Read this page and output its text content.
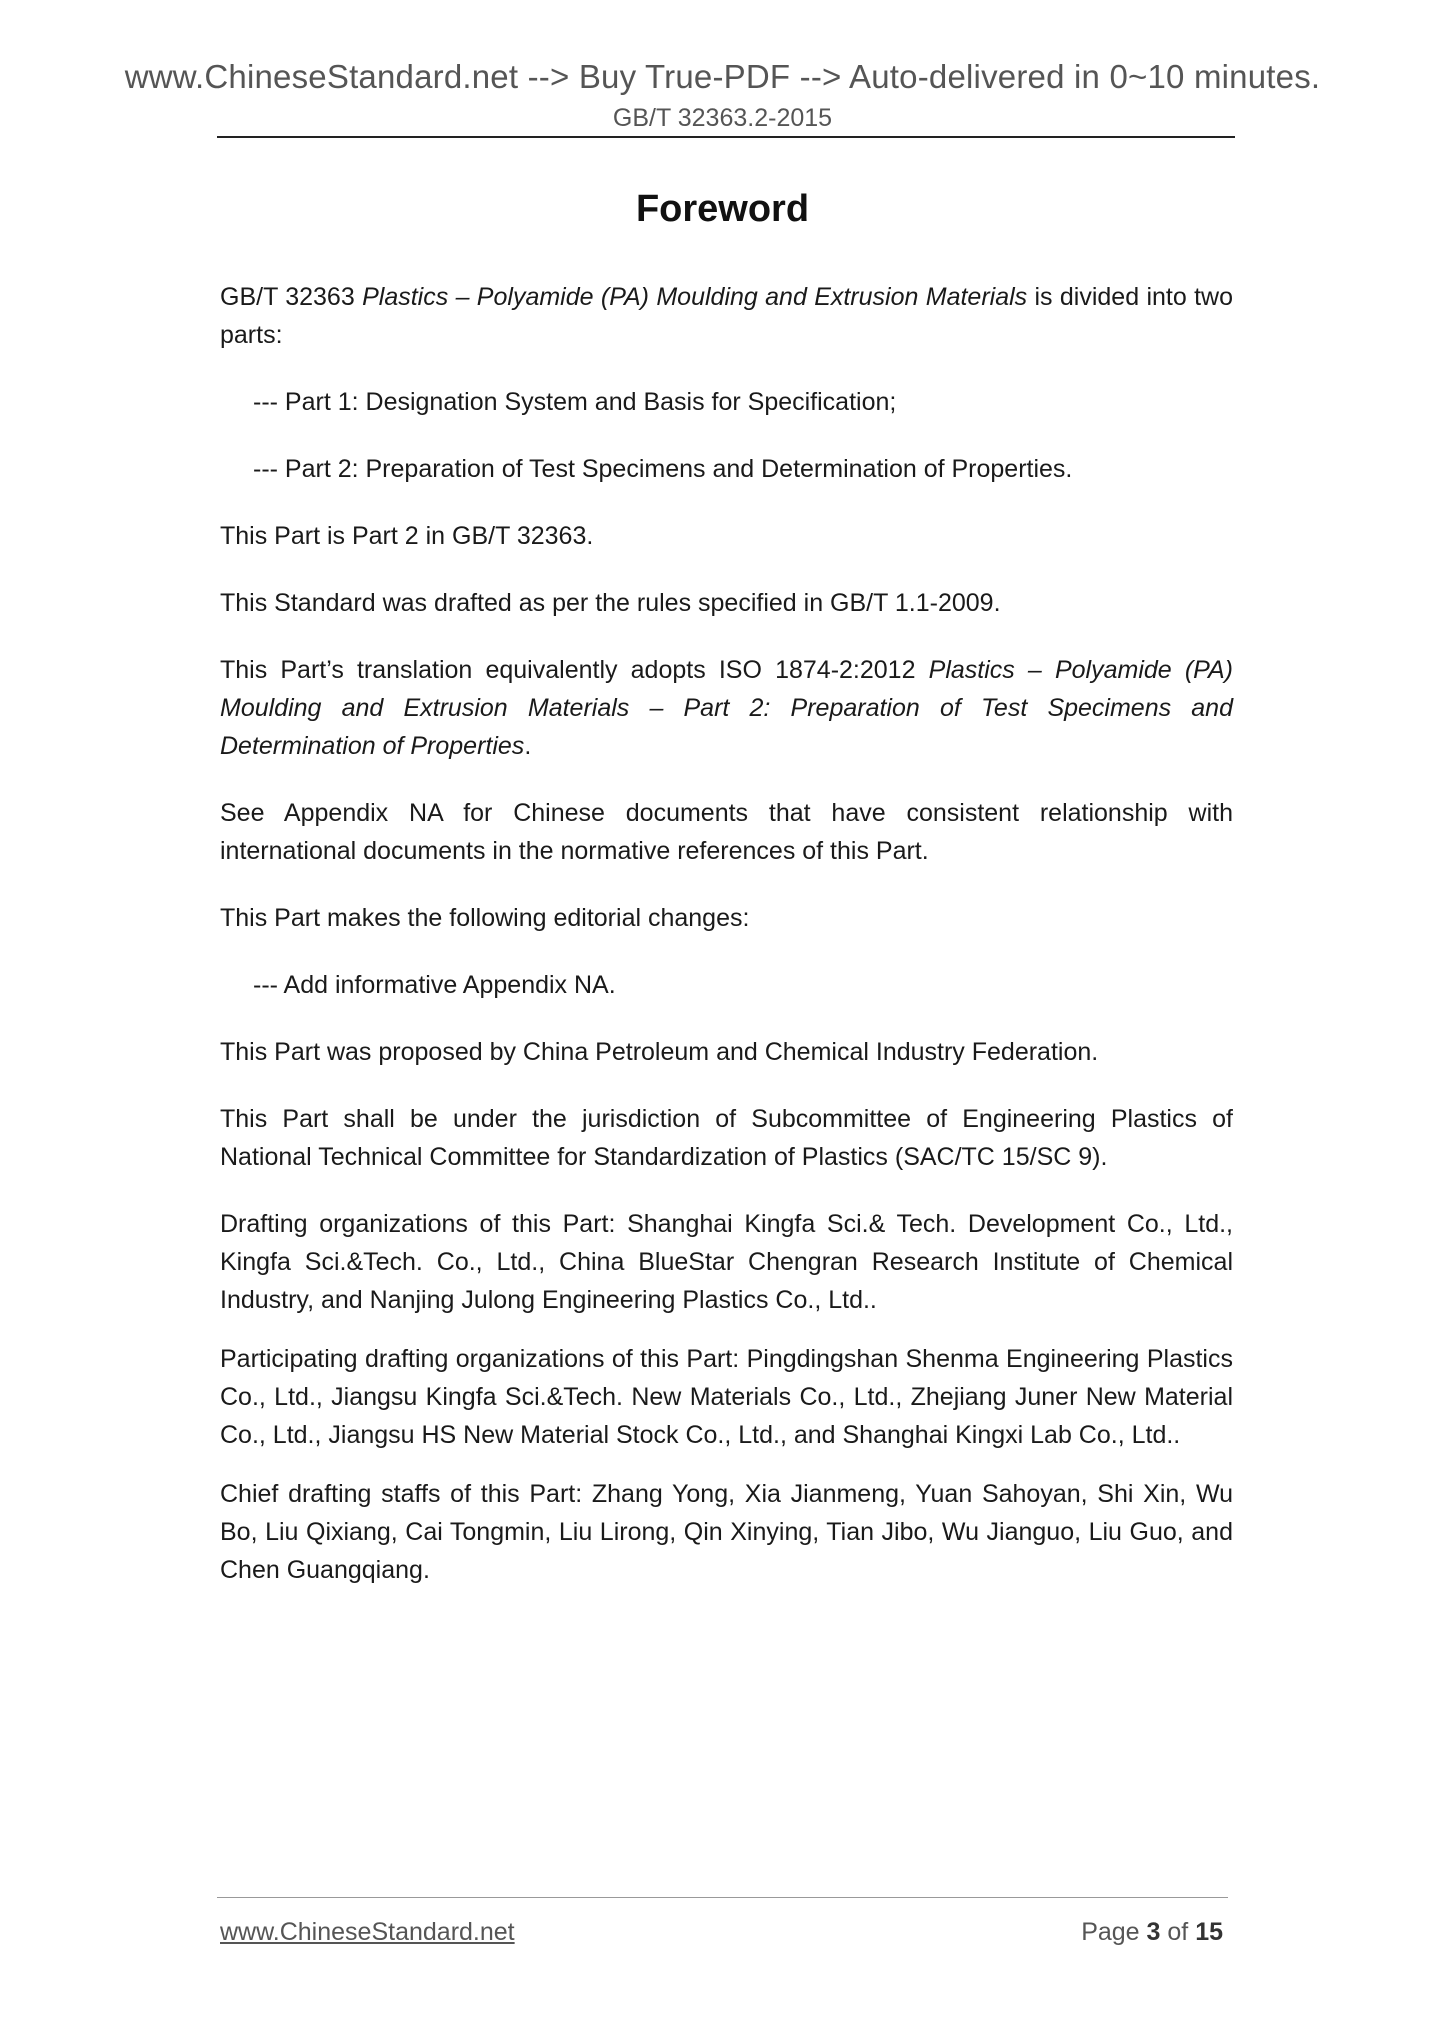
www.ChineseStandard.net --> Buy True-PDF --> Auto-delivered in 0~10 minutes.
GB/T 32363.2-2015
Foreword

GB/T 32363 Plastics – Polyamide (PA) Moulding and Extrusion Materials is divided into two parts:

--- Part 1: Designation System and Basis for Specification;

--- Part 2: Preparation of Test Specimens and Determination of Properties.

This Part is Part 2 in GB/T 32363.

This Standard was drafted as per the rules specified in GB/T 1.1-2009.

This Part’s translation equivalently adopts ISO 1874-2:2012 Plastics – Polyamide (PA) Moulding and Extrusion Materials – Part 2: Preparation of Test Specimens and Determination of Properties.

See Appendix NA for Chinese documents that have consistent relationship with international documents in the normative references of this Part.

This Part makes the following editorial changes:

--- Add informative Appendix NA.

This Part was proposed by China Petroleum and Chemical Industry Federation.

This Part shall be under the jurisdiction of Subcommittee of Engineering Plastics of National Technical Committee for Standardization of Plastics (SAC/TC 15/SC 9).

Drafting organizations of this Part: Shanghai Kingfa Sci.& Tech. Development Co., Ltd., Kingfa Sci.&Tech. Co., Ltd., China BlueStar Chengran Research Institute of Chemical Industry, and Nanjing Julong Engineering Plastics Co., Ltd..

Participating drafting organizations of this Part: Pingdingshan Shenma Engineering Plastics Co., Ltd., Jiangsu Kingfa Sci.&Tech. New Materials Co., Ltd., Zhejiang Juner New Material Co., Ltd., Jiangsu HS New Material Stock Co., Ltd., and Shanghai Kingxi Lab Co., Ltd..

Chief drafting staffs of this Part: Zhang Yong, Xia Jianmeng, Yuan Sahoyan, Shi Xin, Wu Bo, Liu Qixiang, Cai Tongmin, Liu Lirong, Qin Xinying, Tian Jibo, Wu Jianguo, Liu Guo, and Chen Guangqiang.

www.ChineseStandard.net	Page 3 of 15
